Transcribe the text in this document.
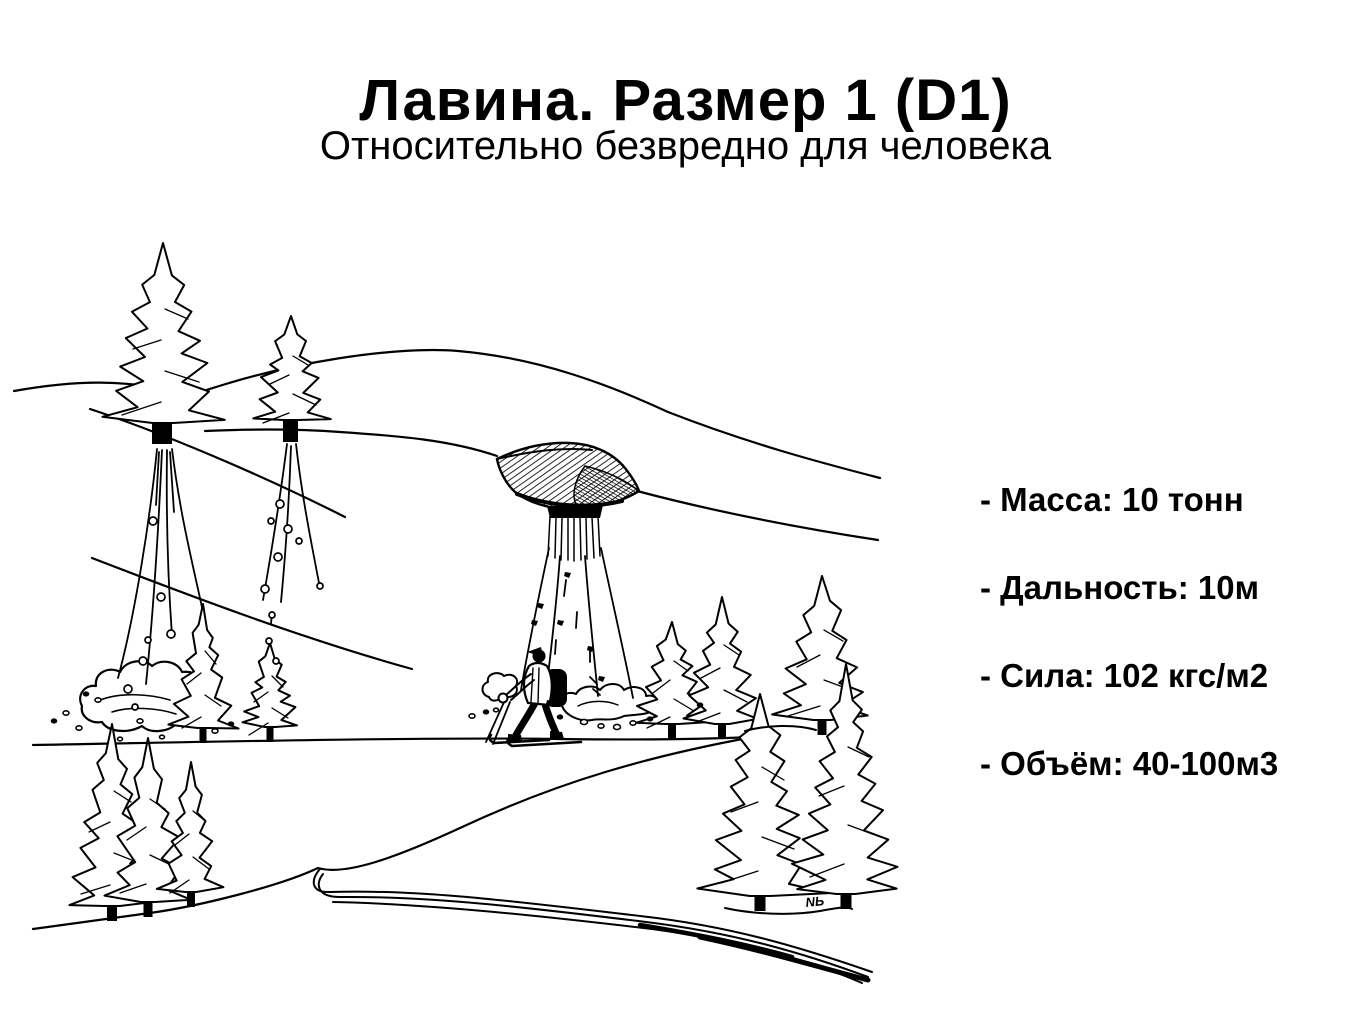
Лавина. Размер 1 (D1)
Относительно безвредно для человека
- Масса: 10 тонн
- Дальность: 10м
- Сила: 102 кгс/м2
- Объём: 40-100м3
NЬ
